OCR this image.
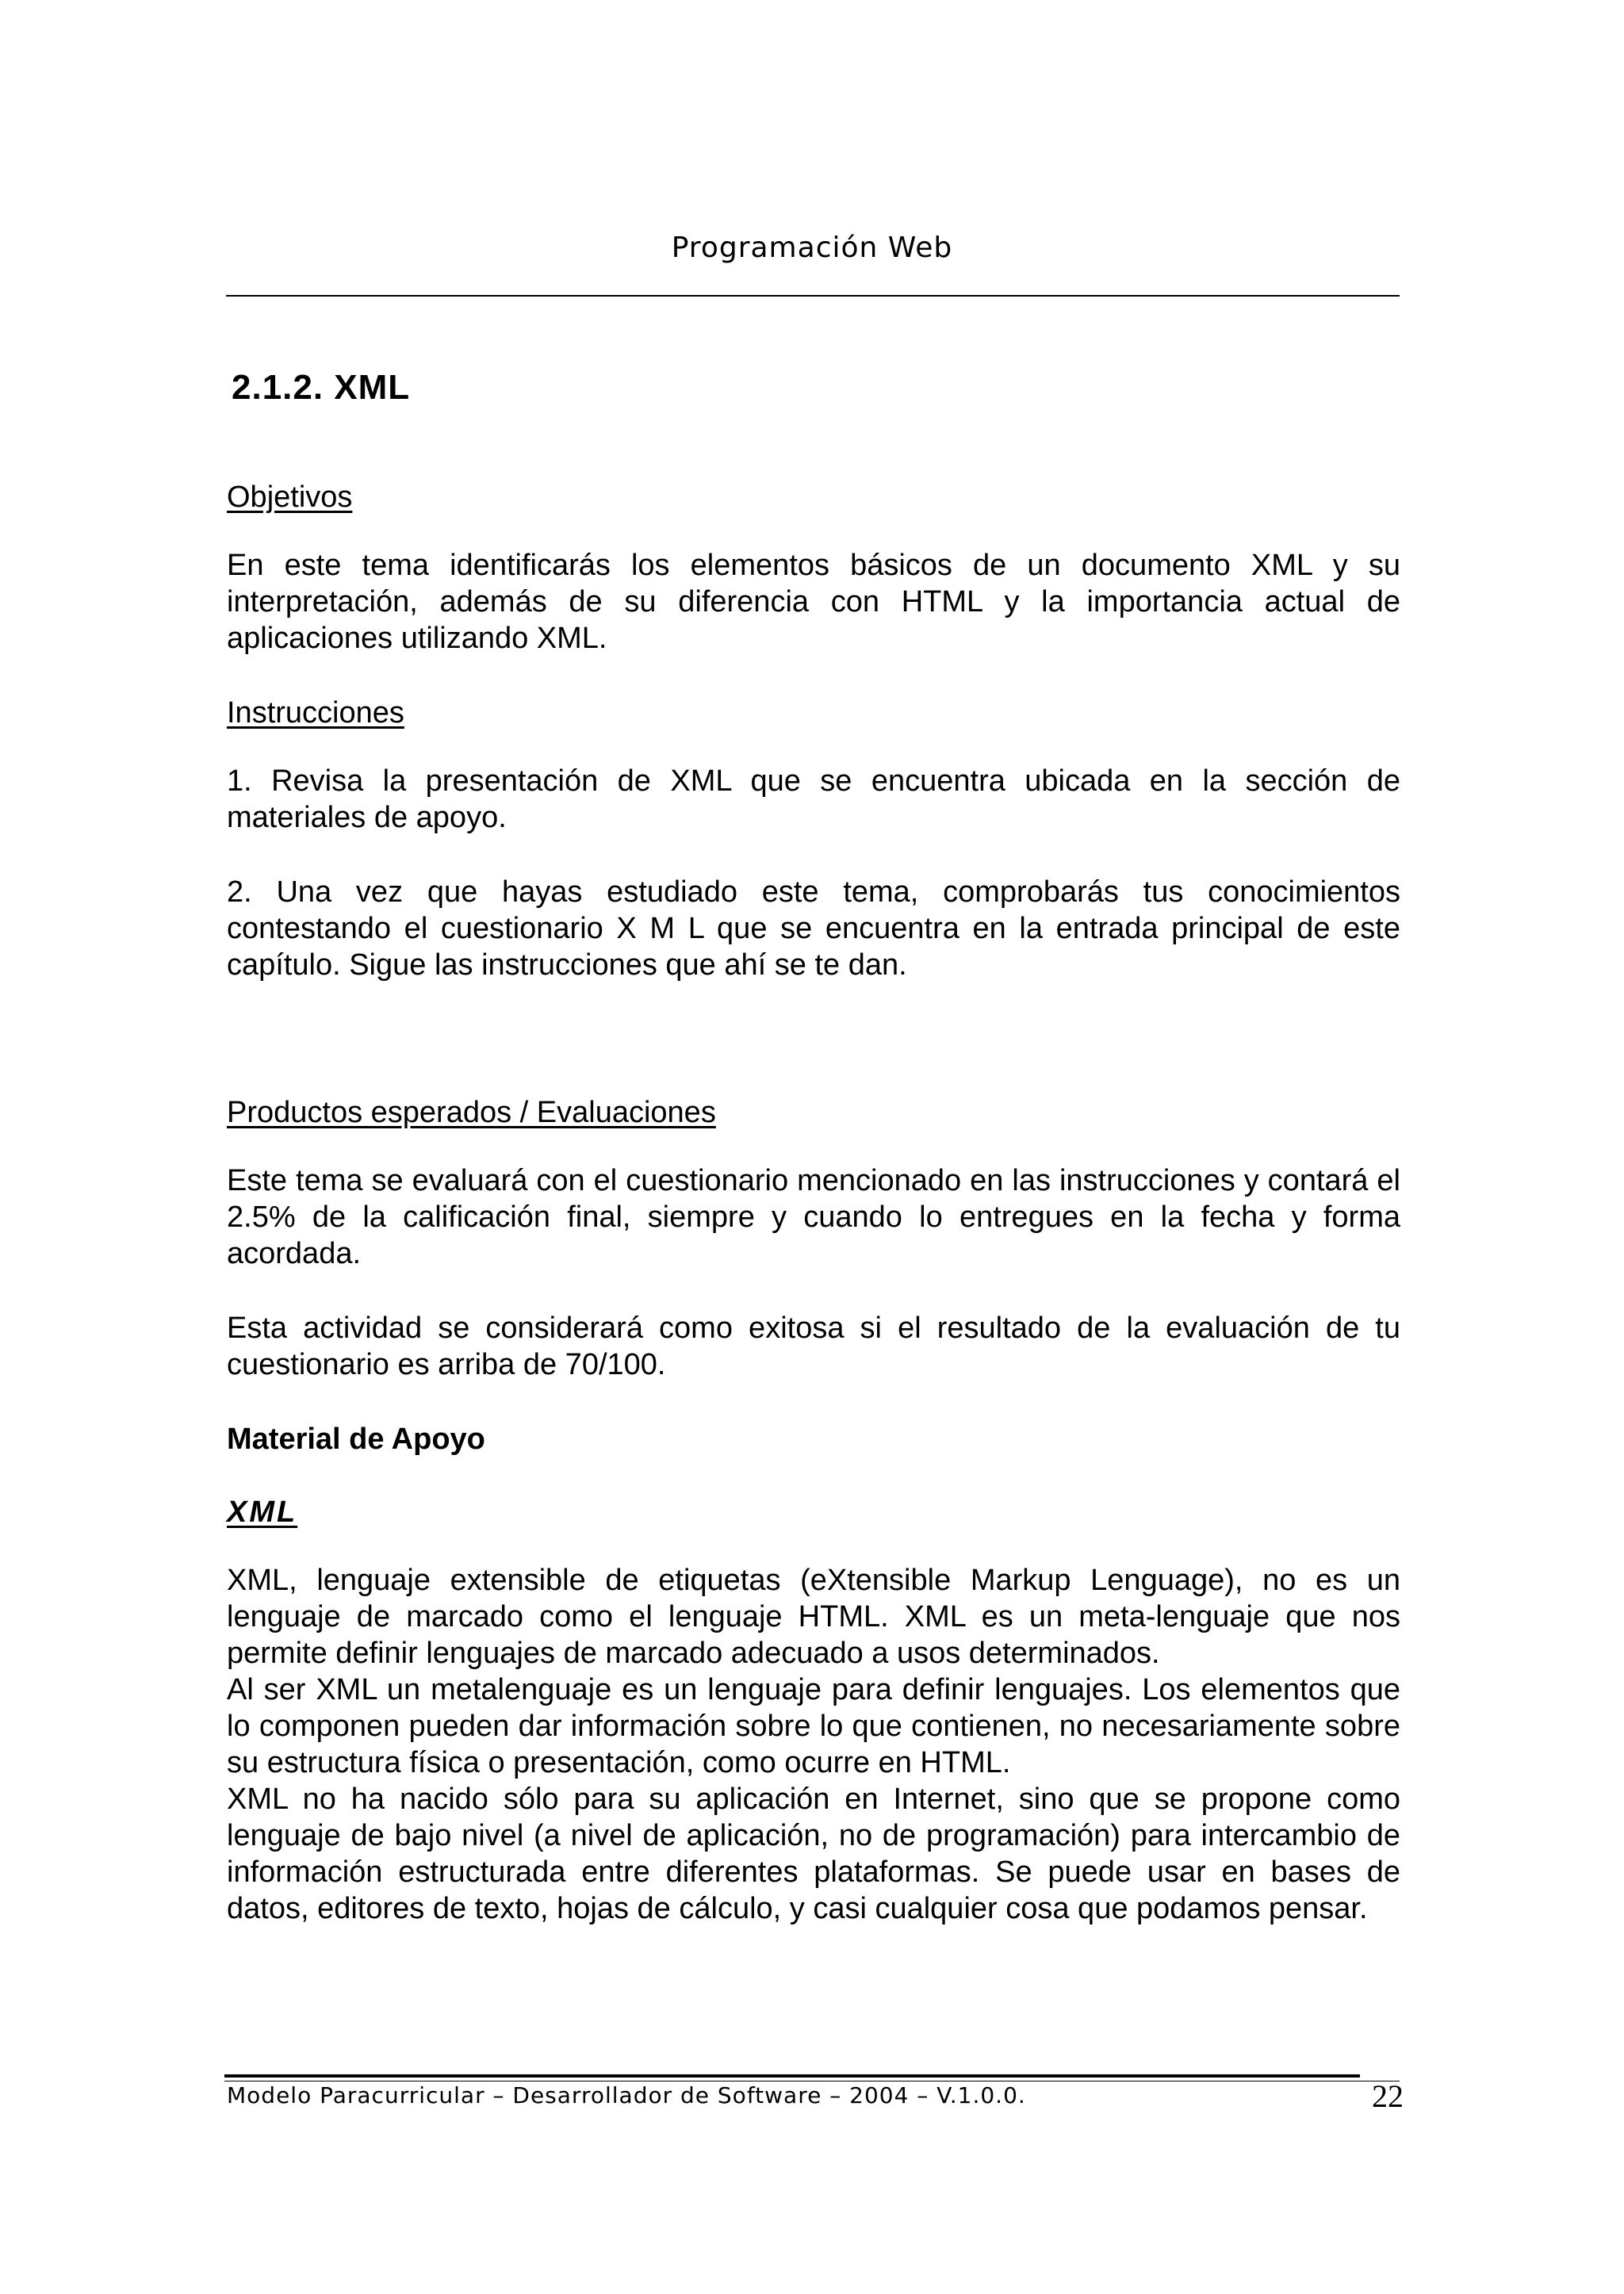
Programación Web
2.1.2. XML
Objetivos
En este tema identificarás los elementos básicos de un documento XML y su interpretación, además de su diferencia con HTML y la importancia actual de aplicaciones utilizando XML.
Instrucciones
1. Revisa la presentación de XML que se encuentra ubicada en la sección de materiales de apoyo.
2. Una vez que hayas estudiado este tema, comprobarás tus conocimientos contestando el cuestionario X M L que se encuentra en la entrada principal de este capítulo. Sigue las instrucciones que ahí se te dan.
Productos esperados / Evaluaciones
Este tema se evaluará con el cuestionario mencionado en las instrucciones y contará el 2.5% de la calificación final, siempre y cuando lo entregues en la fecha y forma acordada.
Esta actividad se considerará como exitosa si el resultado de la evaluación de tu cuestionario es arriba de 70/100.
Material de Apoyo
XML

XML, lenguaje extensible de etiquetas (eXtensible Markup Lenguage), no es un lenguaje de marcado como el lenguaje HTML. XML es un meta-lenguaje que nos permite definir lenguajes de marcado adecuado a usos determinados.

Al ser XML un metalenguaje es un lenguaje para definir lenguajes. Los elementos que lo componen pueden dar información sobre lo que contienen, no necesariamente sobre su estructura física o presentación, como ocurre en HTML.

XML no ha nacido sólo para su aplicación en Internet, sino que se propone como lenguaje de bajo nivel (a nivel de aplicación, no de programación) para intercambio de información estructurada entre diferentes plataformas. Se puede usar en bases de datos, editores de texto, hojas de cálculo, y casi cualquier cosa que podamos pensar.

Modelo Paracurricular – Desarrollador de Software – 2004 – V.1.0.0.	22
